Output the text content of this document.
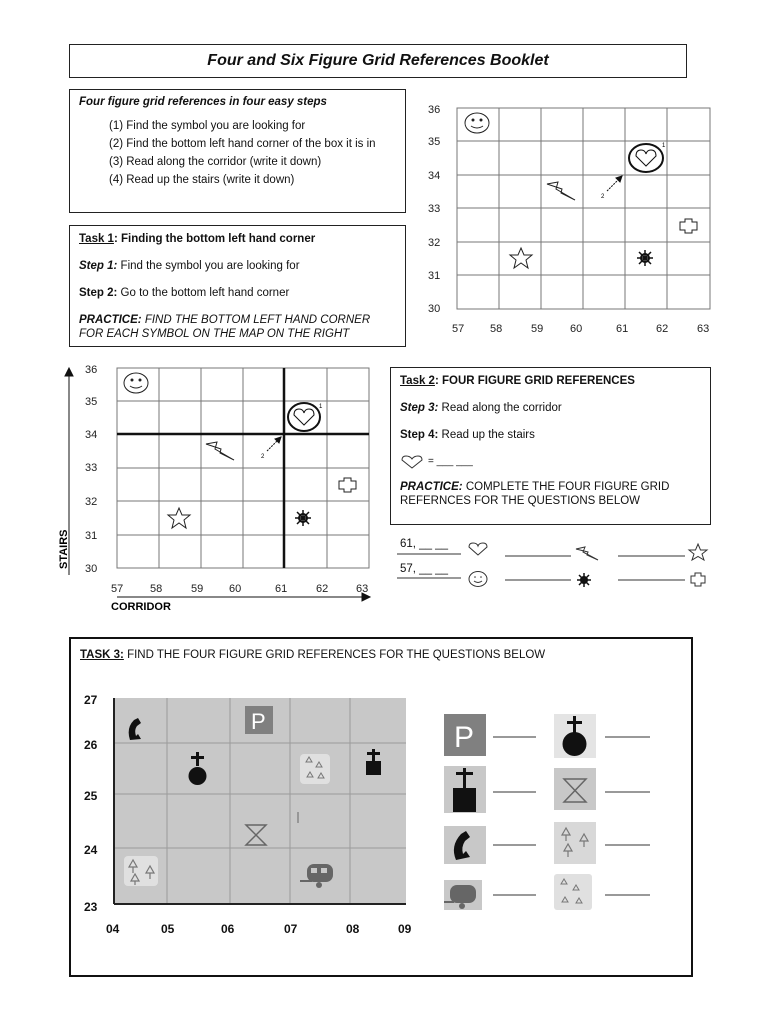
Four and Six Figure Grid References Booklet
Four figure grid references in four easy steps
(1) Find the symbol you are looking for
(2) Find the bottom left hand corner of the box it is in
(3) Read along the corridor (write it down)
(4) Read up the stairs (write it down)

Task 1: Finding the bottom left hand corner

Step 1: Find the symbol you are looking for

Step 2: Go to the bottom left hand corner

PRACTICE: FIND THE BOTTOM LEFT HAND CORNER FOR EACH SYMBOL ON THE MAP ON THE RIGHT

36
35
34
33
32
31
30
57 58	59 60	61	62	63
1
2
36
35
34
33
32
31
30
57 58	59 60	61	62	63
CORRIDOR
STAIRS
1
2

Task 2: FOUR FIGURE GRID REFERENCES

Step 3: Read along the corridor

Step 4: Read up the stairs

= ___ ___

PRACTICE: COMPLETE THE FOUR FIGURE GRID REFERNCES FOR THE QUESTIONS BELOW

61, __ __
57, __ __

TASK 3: FIND THE FOUR FIGURE GRID REFERENCES FOR THE QUESTIONS BELOW

27
26
25
24
23
04	05	06	07	08	09
P	P
